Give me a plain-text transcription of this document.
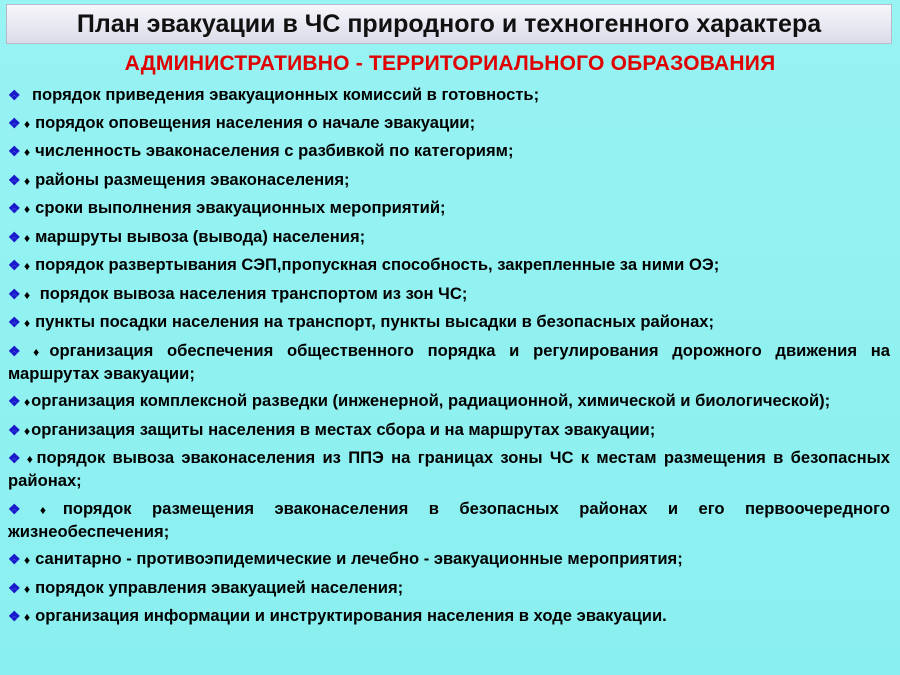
План эвакуации в ЧС природного и техногенного характера
АДМИНИСТРАТИВНО - ТЕРРИТОРИАЛЬНОГО ОБРАЗОВАНИЯ
❖ порядок приведения эвакуационных комиссий в готовность;
❖ ♦ порядок оповещения населения о начале эвакуации;
❖ ♦ численность эваконаселения с разбивкой по категориям;
❖ ♦ районы размещения эваконаселения;
❖ ♦ сроки выполнения эвакуационных мероприятий;
❖ ♦ маршруты вывоза (вывода) населения;
❖ ♦ порядок развертывания СЭП,пропускная способность, закрепленные за ними ОЭ;
❖ ♦ порядок вывоза населения транспортом из зон ЧС;
❖ ♦ пункты посадки населения на транспорт, пункты высадки в безопасных районах;
❖ ♦организация обеспечения общественного порядка и регулирования дорожного движения на маршрутах эвакуации;
❖ ♦организация комплексной разведки (инженерной, радиационной, химической и биологической);
❖ ♦организация защиты населения в местах сбора и на маршрутах эвакуации;
❖ ♦порядок вывоза эваконаселения из ППЭ на границах зоны ЧС к местам размещения в безопасных районах;
❖ ♦порядок размещения эваконаселения в безопасных районах и его первоочередного жизнеобеспечения;
❖ ♦ санитарно - противоэпидемические и лечебно - эвакуационные мероприятия;
❖ ♦ порядок управления эвакуацией населения;
❖ ♦ организация информации и инструктирования населения в ходе эвакуации.
